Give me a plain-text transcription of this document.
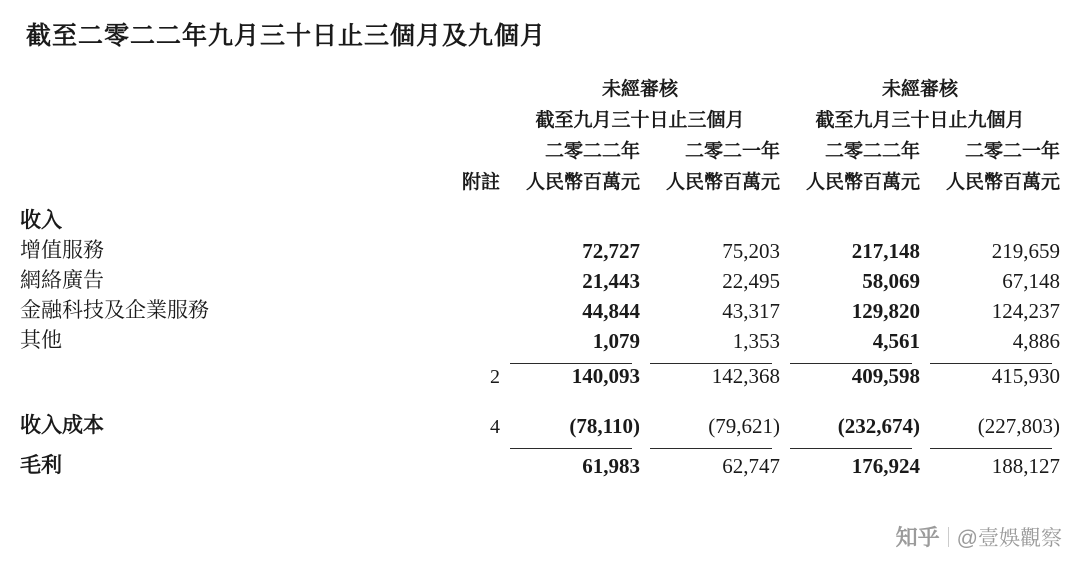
截至二零二二年九月三十日止三個月及九個月
		未經審核		未經審核	
		截至九月三十日止三個月		截至九月三十日止九個月	
		二零二二年	二零二一年	二零二二年	二零二一年
	附註	人民幣百萬元	人民幣百萬元	人民幣百萬元	人民幣百萬元

收入					
增值服務		72,727	75,203	217,148	219,659
網絡廣告		21,443	22,495	58,069	67,148
金融科技及企業服務		44,844	43,317	129,820	124,237
其他		1,079	1,353	4,561	4,886

	2	140,093	142,368	409,598	415,930

收入成本	4	(78,110)	(79,621)	(232,674)	(227,803)

毛利		61,983	62,747	176,924	188,127
知乎 @壹娛觀察
